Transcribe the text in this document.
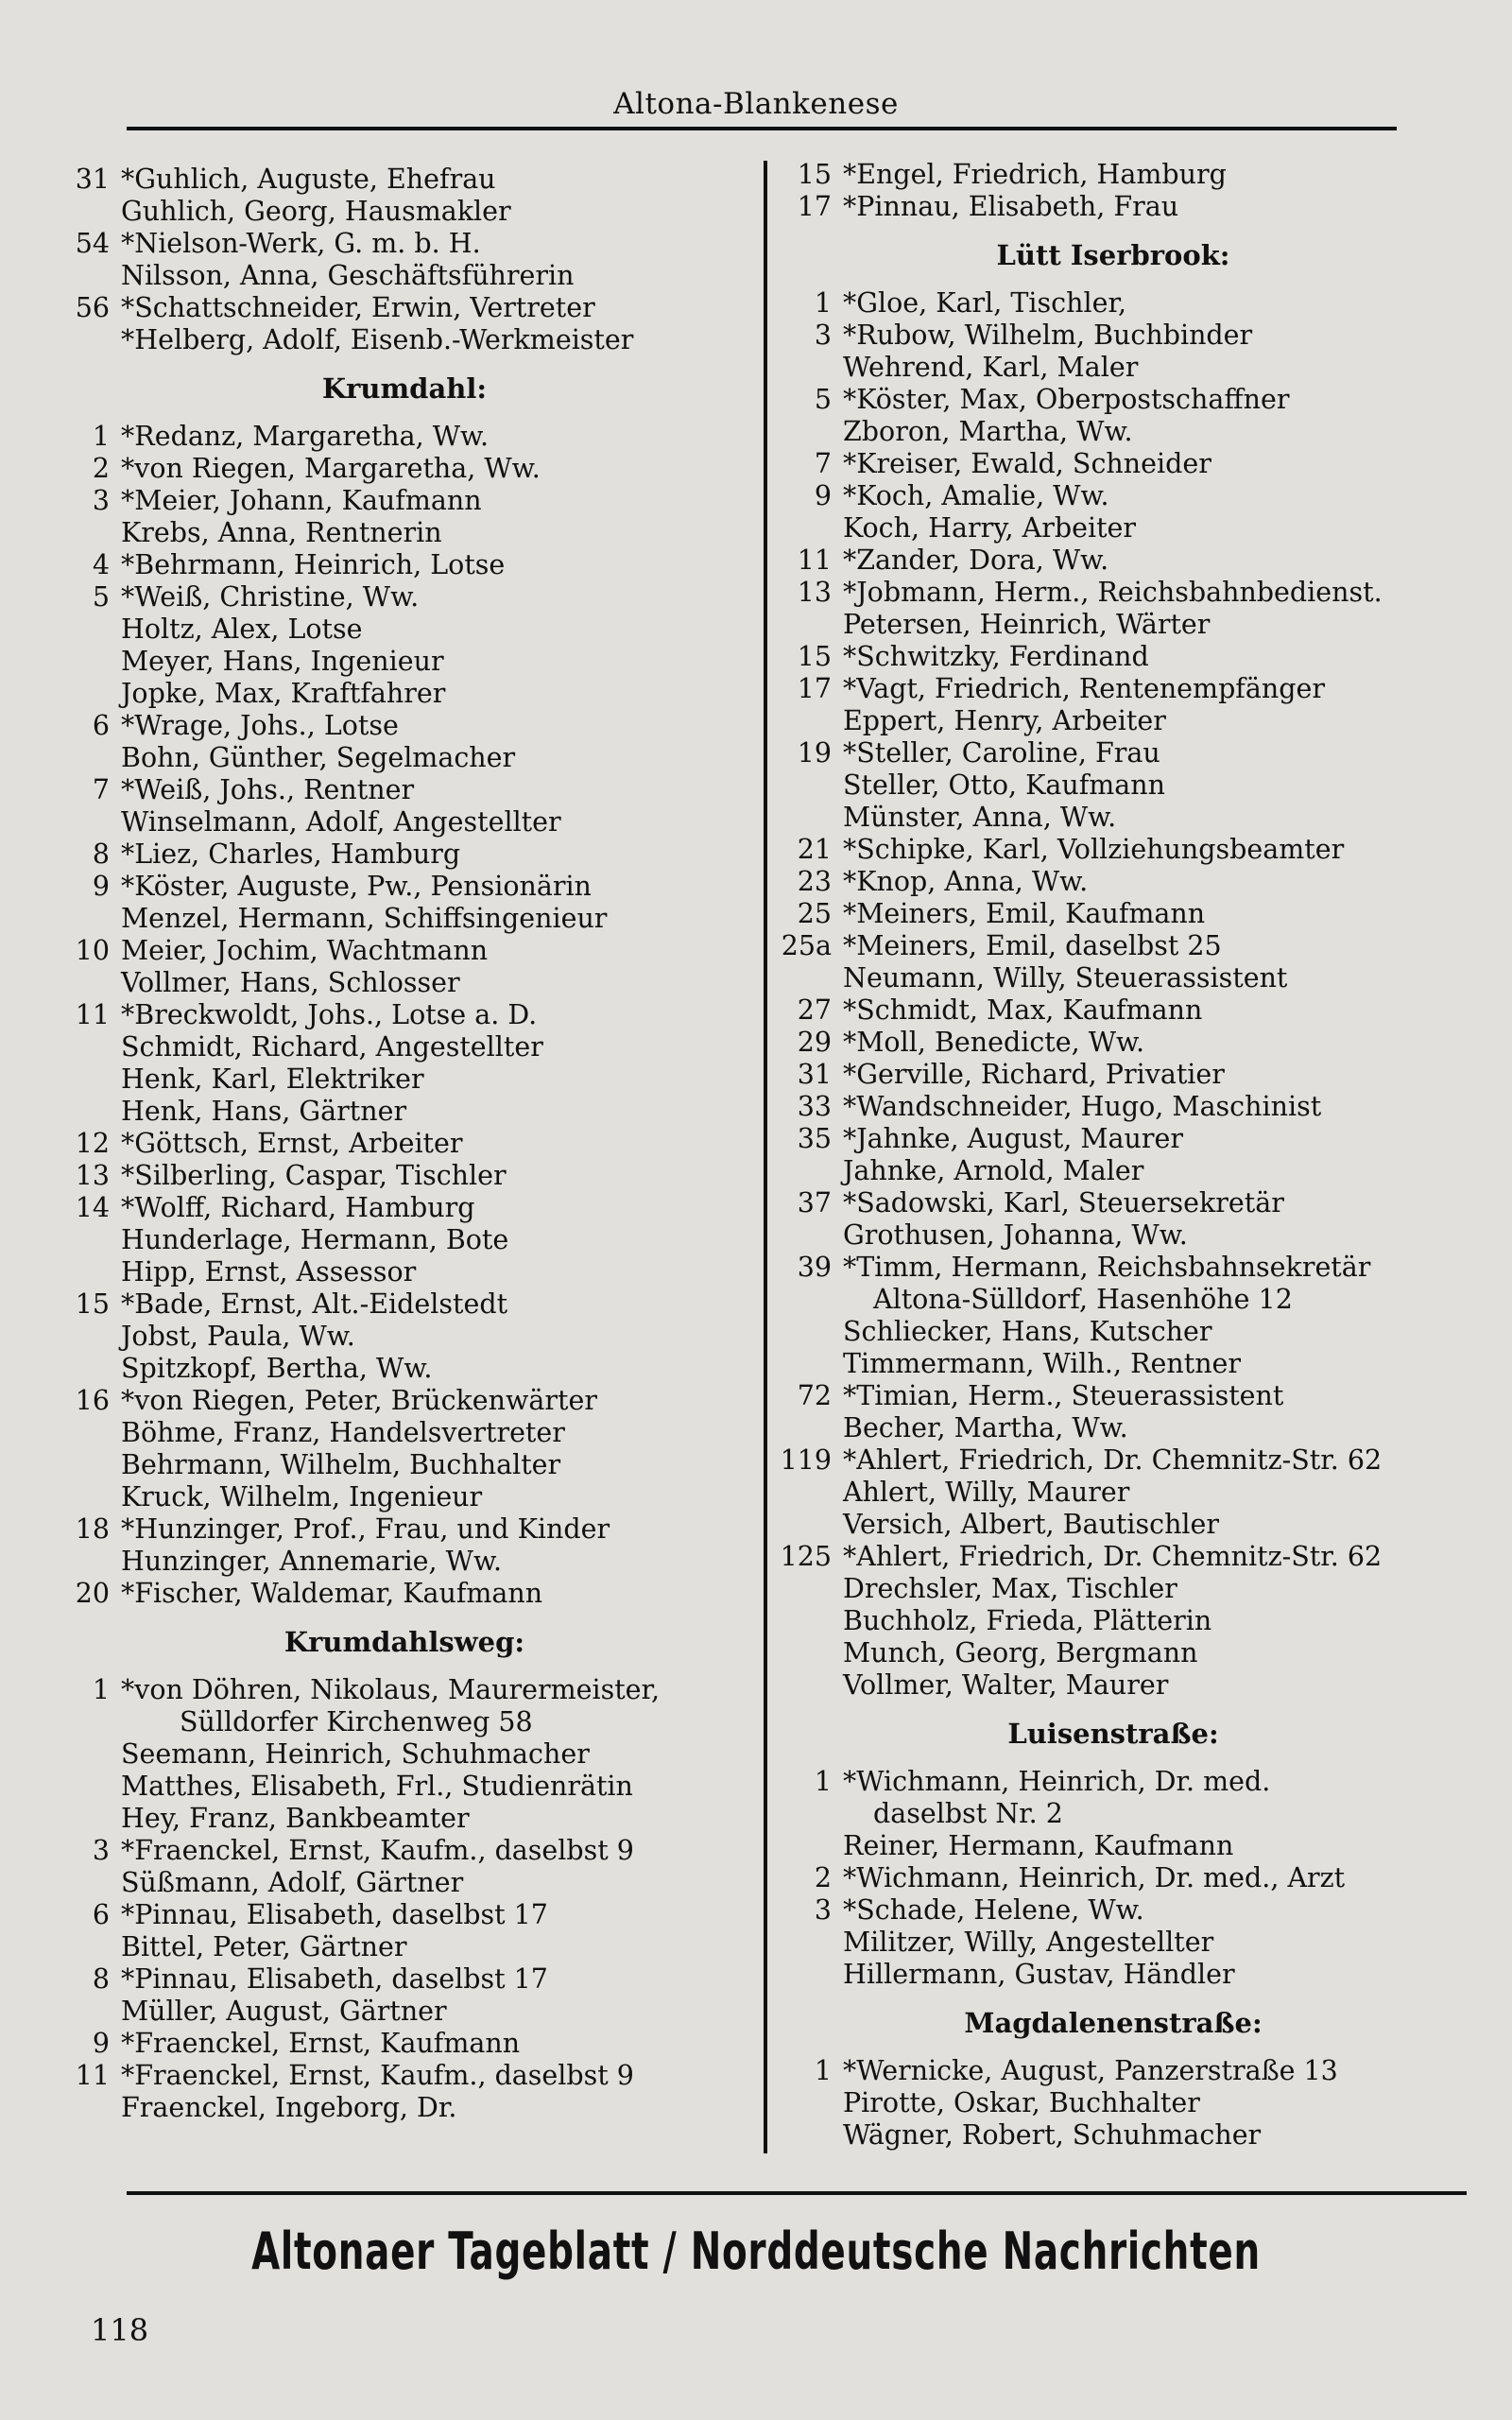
Altona-Blankenese
31 *Guhlich, Auguste, Ehefrau
Guhlich, Georg, Hausmakler
54 *Nielson-Werk, G. m. b. H.
Nilsson, Anna, Geschäftsführerin
56 *Schattschneider, Erwin, Vertreter
*Helberg, Adolf, Eisenb.-Werkmeister
Krumdahl:
1 *Redanz, Margaretha, Ww.
2 *von Riegen, Margaretha, Ww.
3 *Meier, Johann, Kaufmann
Krebs, Anna, Rentnerin
4 *Behrmann, Heinrich, Lotse
5 *Weiß, Christine, Ww.
Holtz, Alex, Lotse
Meyer, Hans, Ingenieur
Jopke, Max, Kraftfahrer
6 *Wrage, Johs., Lotse
Bohn, Günther, Segelmacher
7 *Weiß, Johs., Rentner
Winselmann, Adolf, Angestellter
8 *Liez, Charles, Hamburg
9 *Köster, Auguste, Pw., Pensionärin
Menzel, Hermann, Schiffsingenieur
10 Meier, Jochim, Wachtmann
Vollmer, Hans, Schlosser
11 *Breckwoldt, Johs., Lotse a. D.
Schmidt, Richard, Angestellter
Henk, Karl, Elektriker
Henk, Hans, Gärtner
12 *Göttsch, Ernst, Arbeiter
13 *Silberling, Caspar, Tischler
14 *Wolff, Richard, Hamburg
Hunderlage, Hermann, Bote
Hipp, Ernst, Assessor
15 *Bade, Ernst, Alt.-Eidelstedt
Jobst, Paula, Ww.
Spitzkopf, Bertha, Ww.
16 *von Riegen, Peter, Brückenwärter
Böhme, Franz, Handelsvertreter
Behrmann, Wilhelm, Buchhalter
Kruck, Wilhelm, Ingenieur
18 *Hunzinger, Prof., Frau, und Kinder
Hunzinger, Annemarie, Ww.
20 *Fischer, Waldemar, Kaufmann
Krumdahlsweg:
1 *von Döhren, Nikolaus, Maurermeister,
Sülldorfer Kirchenweg 58
Seemann, Heinrich, Schuhmacher
Matthes, Elisabeth, Frl., Studienrätin
Hey, Franz, Bankbeamter
3 *Fraenckel, Ernst, Kaufm., daselbst 9
Süßmann, Adolf, Gärtner
6 *Pinnau, Elisabeth, daselbst 17
Bittel, Peter, Gärtner
8 *Pinnau, Elisabeth, daselbst 17
Müller, August, Gärtner
9 *Fraenckel, Ernst, Kaufmann
11 *Fraenckel, Ernst, Kaufm., daselbst 9
Fraenckel, Ingeborg, Dr.
15 *Engel, Friedrich, Hamburg
17 *Pinnau, Elisabeth, Frau
Lütt Iserbrook:
1 *Gloe, Karl, Tischler,
3 *Rubow, Wilhelm, Buchbinder
Wehrend, Karl, Maler
5 *Köster, Max, Oberpostschaffner
Zboron, Martha, Ww.
7 *Kreiser, Ewald, Schneider
9 *Koch, Amalie, Ww.
Koch, Harry, Arbeiter
11 *Zander, Dora, Ww.
13 *Jobmann, Herm., Reichsbahnbedienst.
Petersen, Heinrich, Wärter
15 *Schwitzky, Ferdinand
17 *Vagt, Friedrich, Rentenempfänger
Eppert, Henry, Arbeiter
19 *Steller, Caroline, Frau
Steller, Otto, Kaufmann
Münster, Anna, Ww.
21 *Schipke, Karl, Vollziehungsbeamter
23 *Knop, Anna, Ww.
25 *Meiners, Emil, Kaufmann
25a *Meiners, Emil, daselbst 25
Neumann, Willy, Steuerassistent
27 *Schmidt, Max, Kaufmann
29 *Moll, Benedicte, Ww.
31 *Gerville, Richard, Privatier
33 *Wandschneider, Hugo, Maschinist
35 *Jahnke, August, Maurer
Jahnke, Arnold, Maler
37 *Sadowski, Karl, Steuersekretär
Grothusen, Johanna, Ww.
39 *Timm, Hermann, Reichsbahnsekretär
Altona-Sülldorf, Hasenhöhe 12
Schliecker, Hans, Kutscher
Timmermann, Wilh., Rentner
72 *Timian, Herm., Steuerassistent
Becher, Martha, Ww.
119 *Ahlert, Friedrich, Dr. Chemnitz-Str. 62
Ahlert, Willy, Maurer
Versich, Albert, Bautischler
125 *Ahlert, Friedrich, Dr. Chemnitz-Str. 62
Drechsler, Max, Tischler
Buchholz, Frieda, Plätterin
Munch, Georg, Bergmann
Vollmer, Walter, Maurer
Luisenstraße:
1 *Wichmann, Heinrich, Dr. med.
daselbst Nr. 2
Reiner, Hermann, Kaufmann
2 *Wichmann, Heinrich, Dr. med., Arzt
3 *Schade, Helene, Ww.
Militzer, Willy, Angestellter
Hillermann, Gustav, Händler
Magdalenenstraße:
1 *Wernicke, August, Panzerstraße 13
Pirotte, Oskar, Buchhalter
Wägner, Robert, Schuhmacher
Altonaer Tageblatt / Norddeutsche Nachrichten
118
